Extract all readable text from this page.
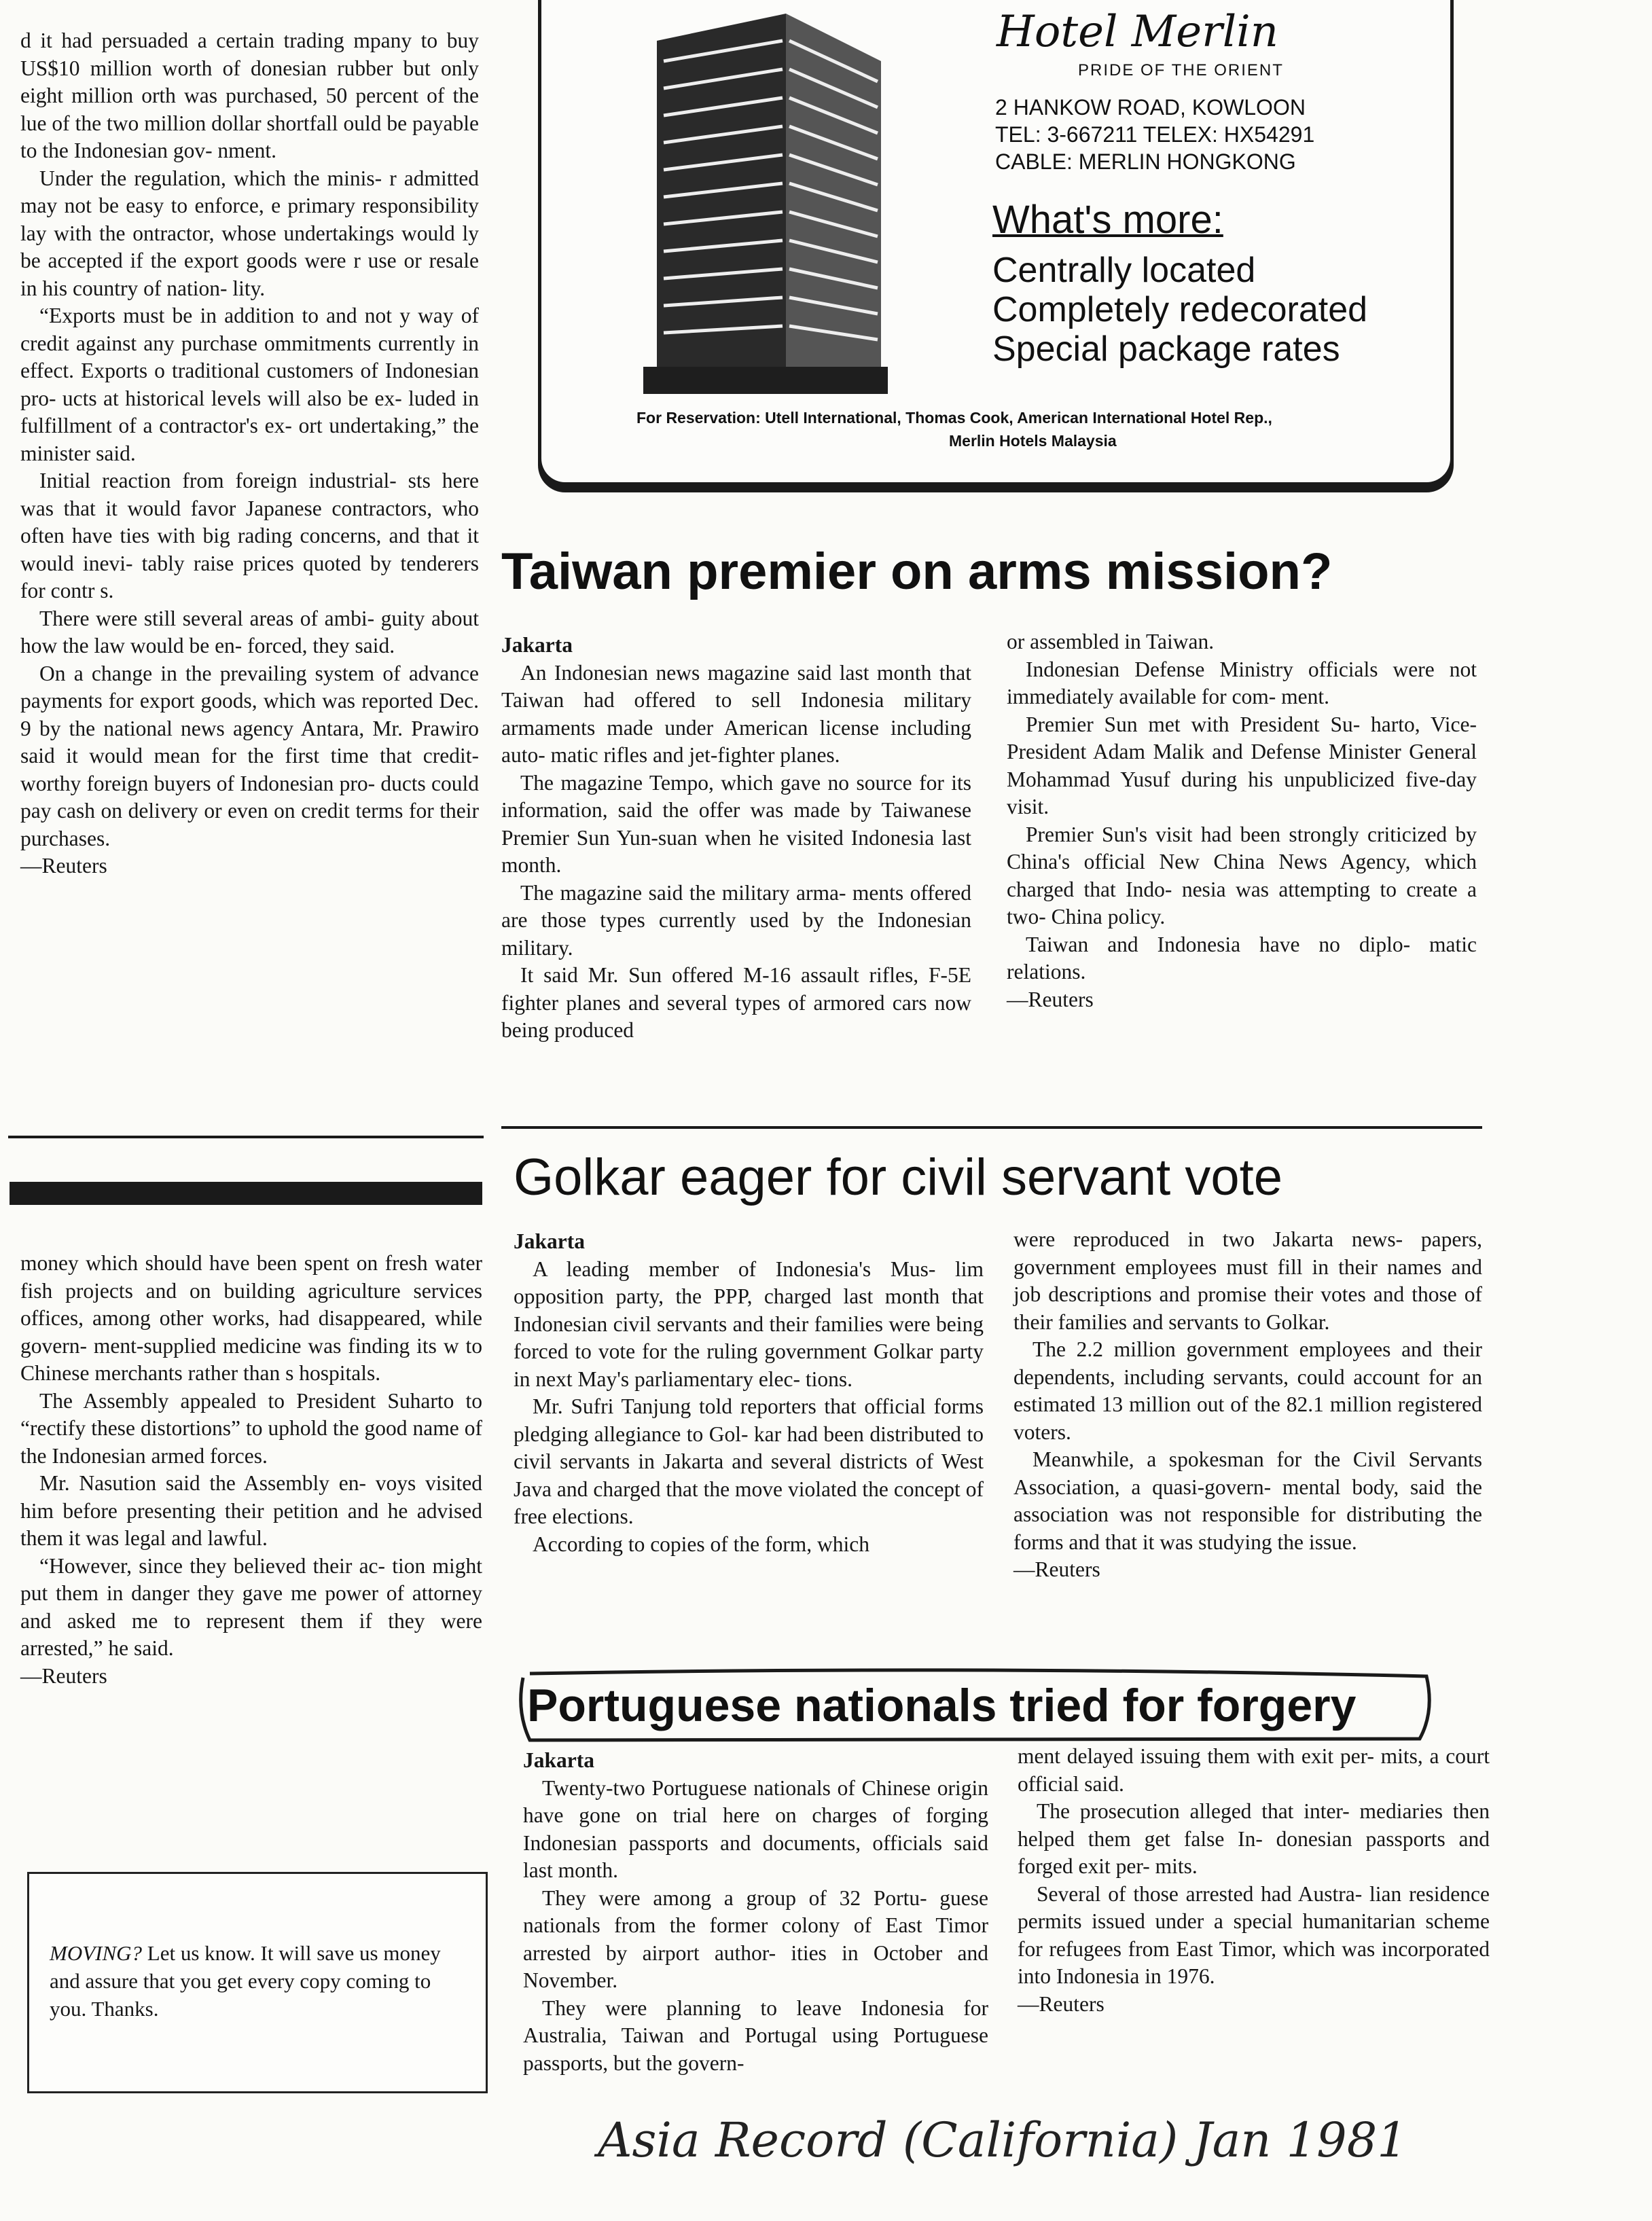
Hotel Merlin

PRIDE OF THE ORIENT

2 HANKOW ROAD, KOWLOON

TEL: 3-667211 TELEX: HX54291

CABLE: MERLIN HONGKONG

What's more:

Centrally located

Completely redecorated

Special package rates

For Reservation: Utell International, Thomas Cook, American International Hotel Rep.,

Merlin Hotels Malaysia

d it had persuaded a certain trading mpany to buy US$10 million worth of donesian rubber but only eight million orth was purchased, 50 percent of the lue of the two million dollar shortfall ould be payable to the Indonesian gov- nment.

Under the regulation, which the minis- r admitted may not be easy to enforce, e primary responsibility lay with the ontractor, whose undertakings would ly be accepted if the export goods were r use or resale in his country of nation- lity.

“Exports must be in addition to and not y way of credit against any purchase ommitments currently in effect. Exports o traditional customers of Indonesian pro- ucts at historical levels will also be ex- luded in fulfillment of a contractor's ex- ort undertaking,” the minister said.

Initial reaction from foreign industrial- sts here was that it would favor Japanese contractors, who often have ties with big rading concerns, and that it would inevi- tably raise prices quoted by tenderers for contr s.

There were still several areas of ambi- guity about how the law would be en- forced, they said.

On a change in the prevailing system of advance payments for export goods, which was reported Dec. 9 by the national news agency Antara, Mr. Prawiro said it would mean for the first time that credit- worthy foreign buyers of Indonesian pro- ducts could pay cash on delivery or even on credit terms for their purchases.

—Reuters

Taiwan premier on arms mission?

Jakarta

An Indonesian news magazine said last month that Taiwan had offered to sell Indonesia military armaments made under American license including auto- matic rifles and jet-fighter planes.

The magazine Tempo, which gave no source for its information, said the offer was made by Taiwanese Premier Sun Yun-suan when he visited Indonesia last month.

The magazine said the military arma- ments offered are those types currently used by the Indonesian military.

It said Mr. Sun offered M-16 assault rifles, F-5E fighter planes and several types of armored cars now being produced

or assembled in Taiwan.

Indonesian Defense Ministry officials were not immediately available for com- ment.

Premier Sun met with President Su- harto, Vice-President Adam Malik and Defense Minister General Mohammad Yusuf during his unpublicized five-day visit.

Premier Sun's visit had been strongly criticized by China's official New China News Agency, which charged that Indo- nesia was attempting to create a two- China policy.

Taiwan and Indonesia have no diplo- matic relations.

—Reuters

money which should have been spent on fresh water fish projects and on building agriculture services offices, among other works, had disappeared, while govern- ment-supplied medicine was finding its w to Chinese merchants rather than s hospitals.

The Assembly appealed to President Suharto to “rectify these distortions” to uphold the good name of the Indonesian armed forces.

Mr. Nasution said the Assembly en- voys visited him before presenting their petition and he advised them it was legal and lawful.

“However, since they believed their ac- tion might put them in danger they gave me power of attorney and asked me to represent them if they were arrested,” he said.

—Reuters

Golkar eager for civil servant vote

Jakarta

A leading member of Indonesia's Mus- lim opposition party, the PPP, charged last month that Indonesian civil servants and their families were being forced to vote for the ruling government Golkar party in next May's parliamentary elec- tions.

Mr. Sufri Tanjung told reporters that official forms pledging allegiance to Gol- kar had been distributed to civil servants in Jakarta and several districts of West Java and charged that the move violated the concept of free elections.

According to copies of the form, which

were reproduced in two Jakarta news- papers, government employees must fill in their names and job descriptions and promise their votes and those of their families and servants to Golkar.

The 2.2 million government employees and their dependents, including servants, could account for an estimated 13 million out of the 82.1 million registered voters.

Meanwhile, a spokesman for the Civil Servants Association, a quasi-govern- mental body, said the association was not responsible for distributing the forms and that it was studying the issue.

—Reuters

Portuguese nationals tried for forgery

Jakarta

Twenty-two Portuguese nationals of Chinese origin have gone on trial here on charges of forging Indonesian passports and documents, officials said last month.

They were among a group of 32 Portu- guese nationals from the former colony of East Timor arrested by airport author- ities in October and November.

They were planning to leave Indonesia for Australia, Taiwan and Portugal using Portuguese passports, but the govern-

ment delayed issuing them with exit per- mits, a court official said.

The prosecution alleged that inter- mediaries then helped them get false In- donesian passports and forged exit per- mits.

Several of those arrested had Austra- lian residence permits issued under a special humanitarian scheme for refugees from East Timor, which was incorporated into Indonesia in 1976.

—Reuters

MOVING? Let us know. It will save us money and assure that you get every copy coming to you. Thanks.

Asia Record (California) Jan 1981
